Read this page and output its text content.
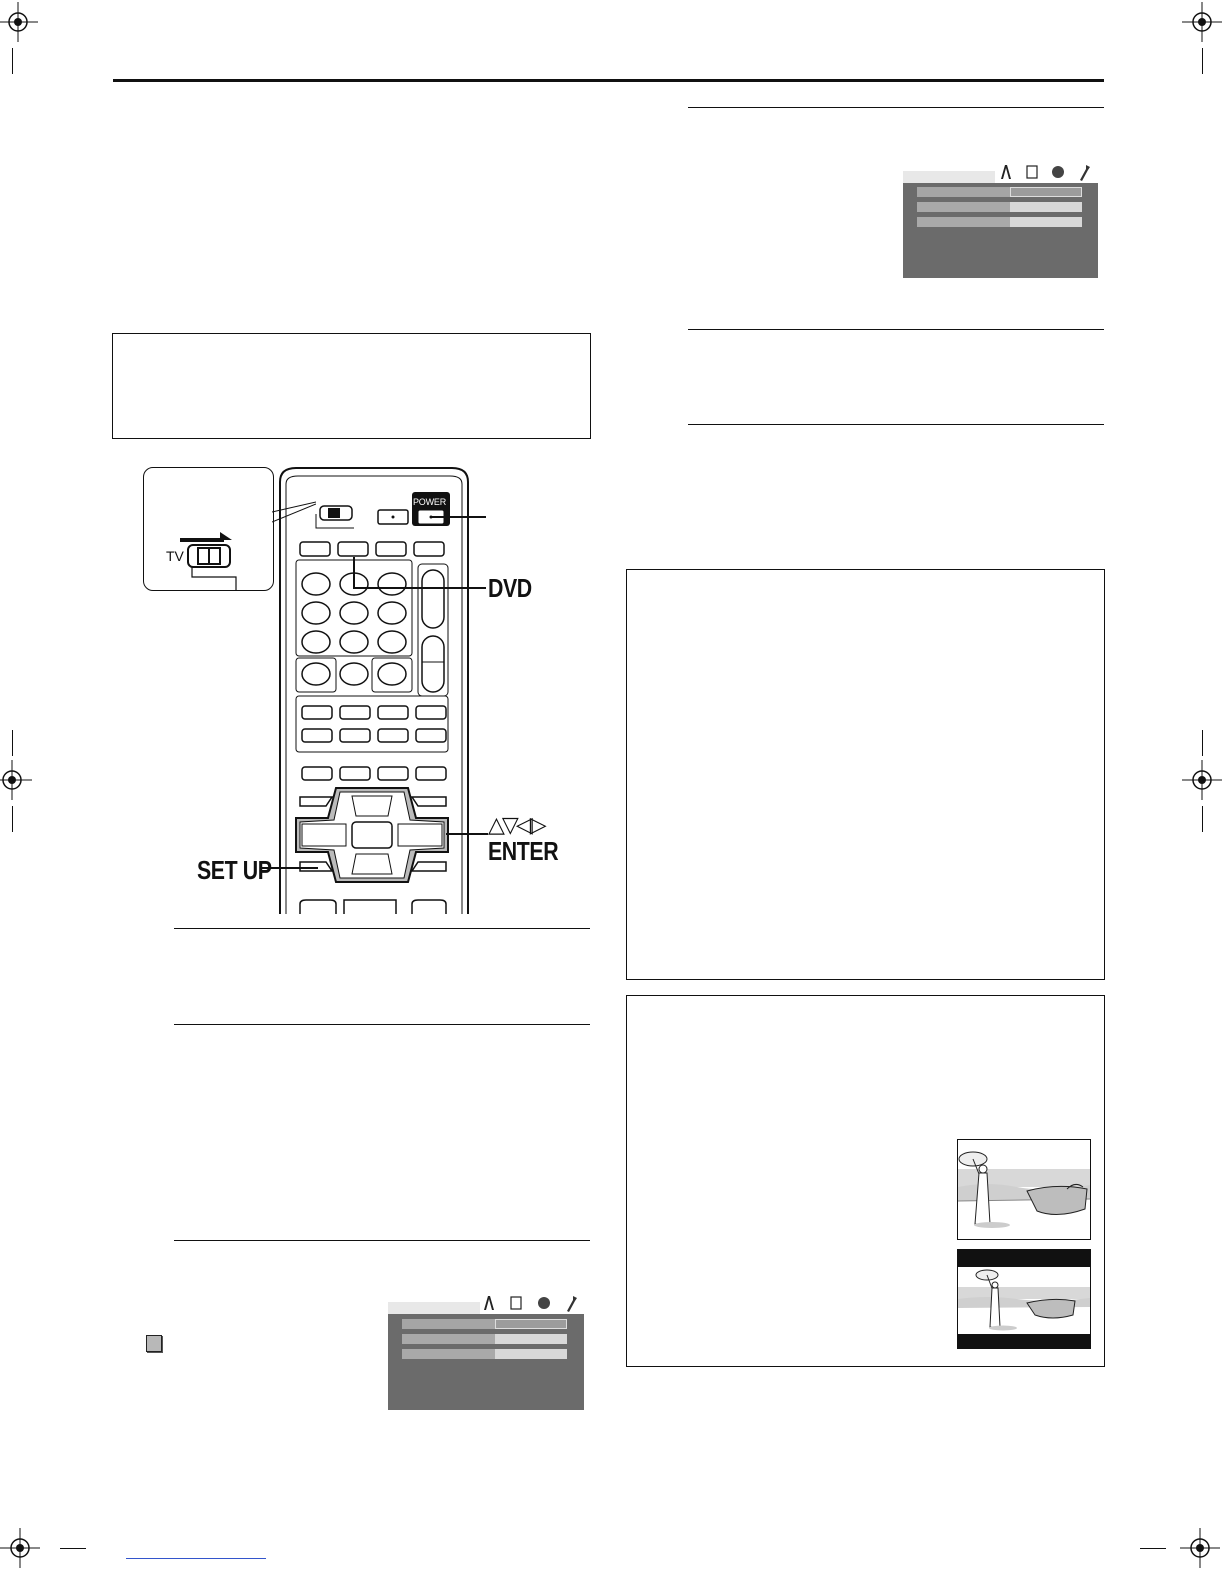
TV
POWER
DVD
△▽◁▷
ENTER
SET UP
